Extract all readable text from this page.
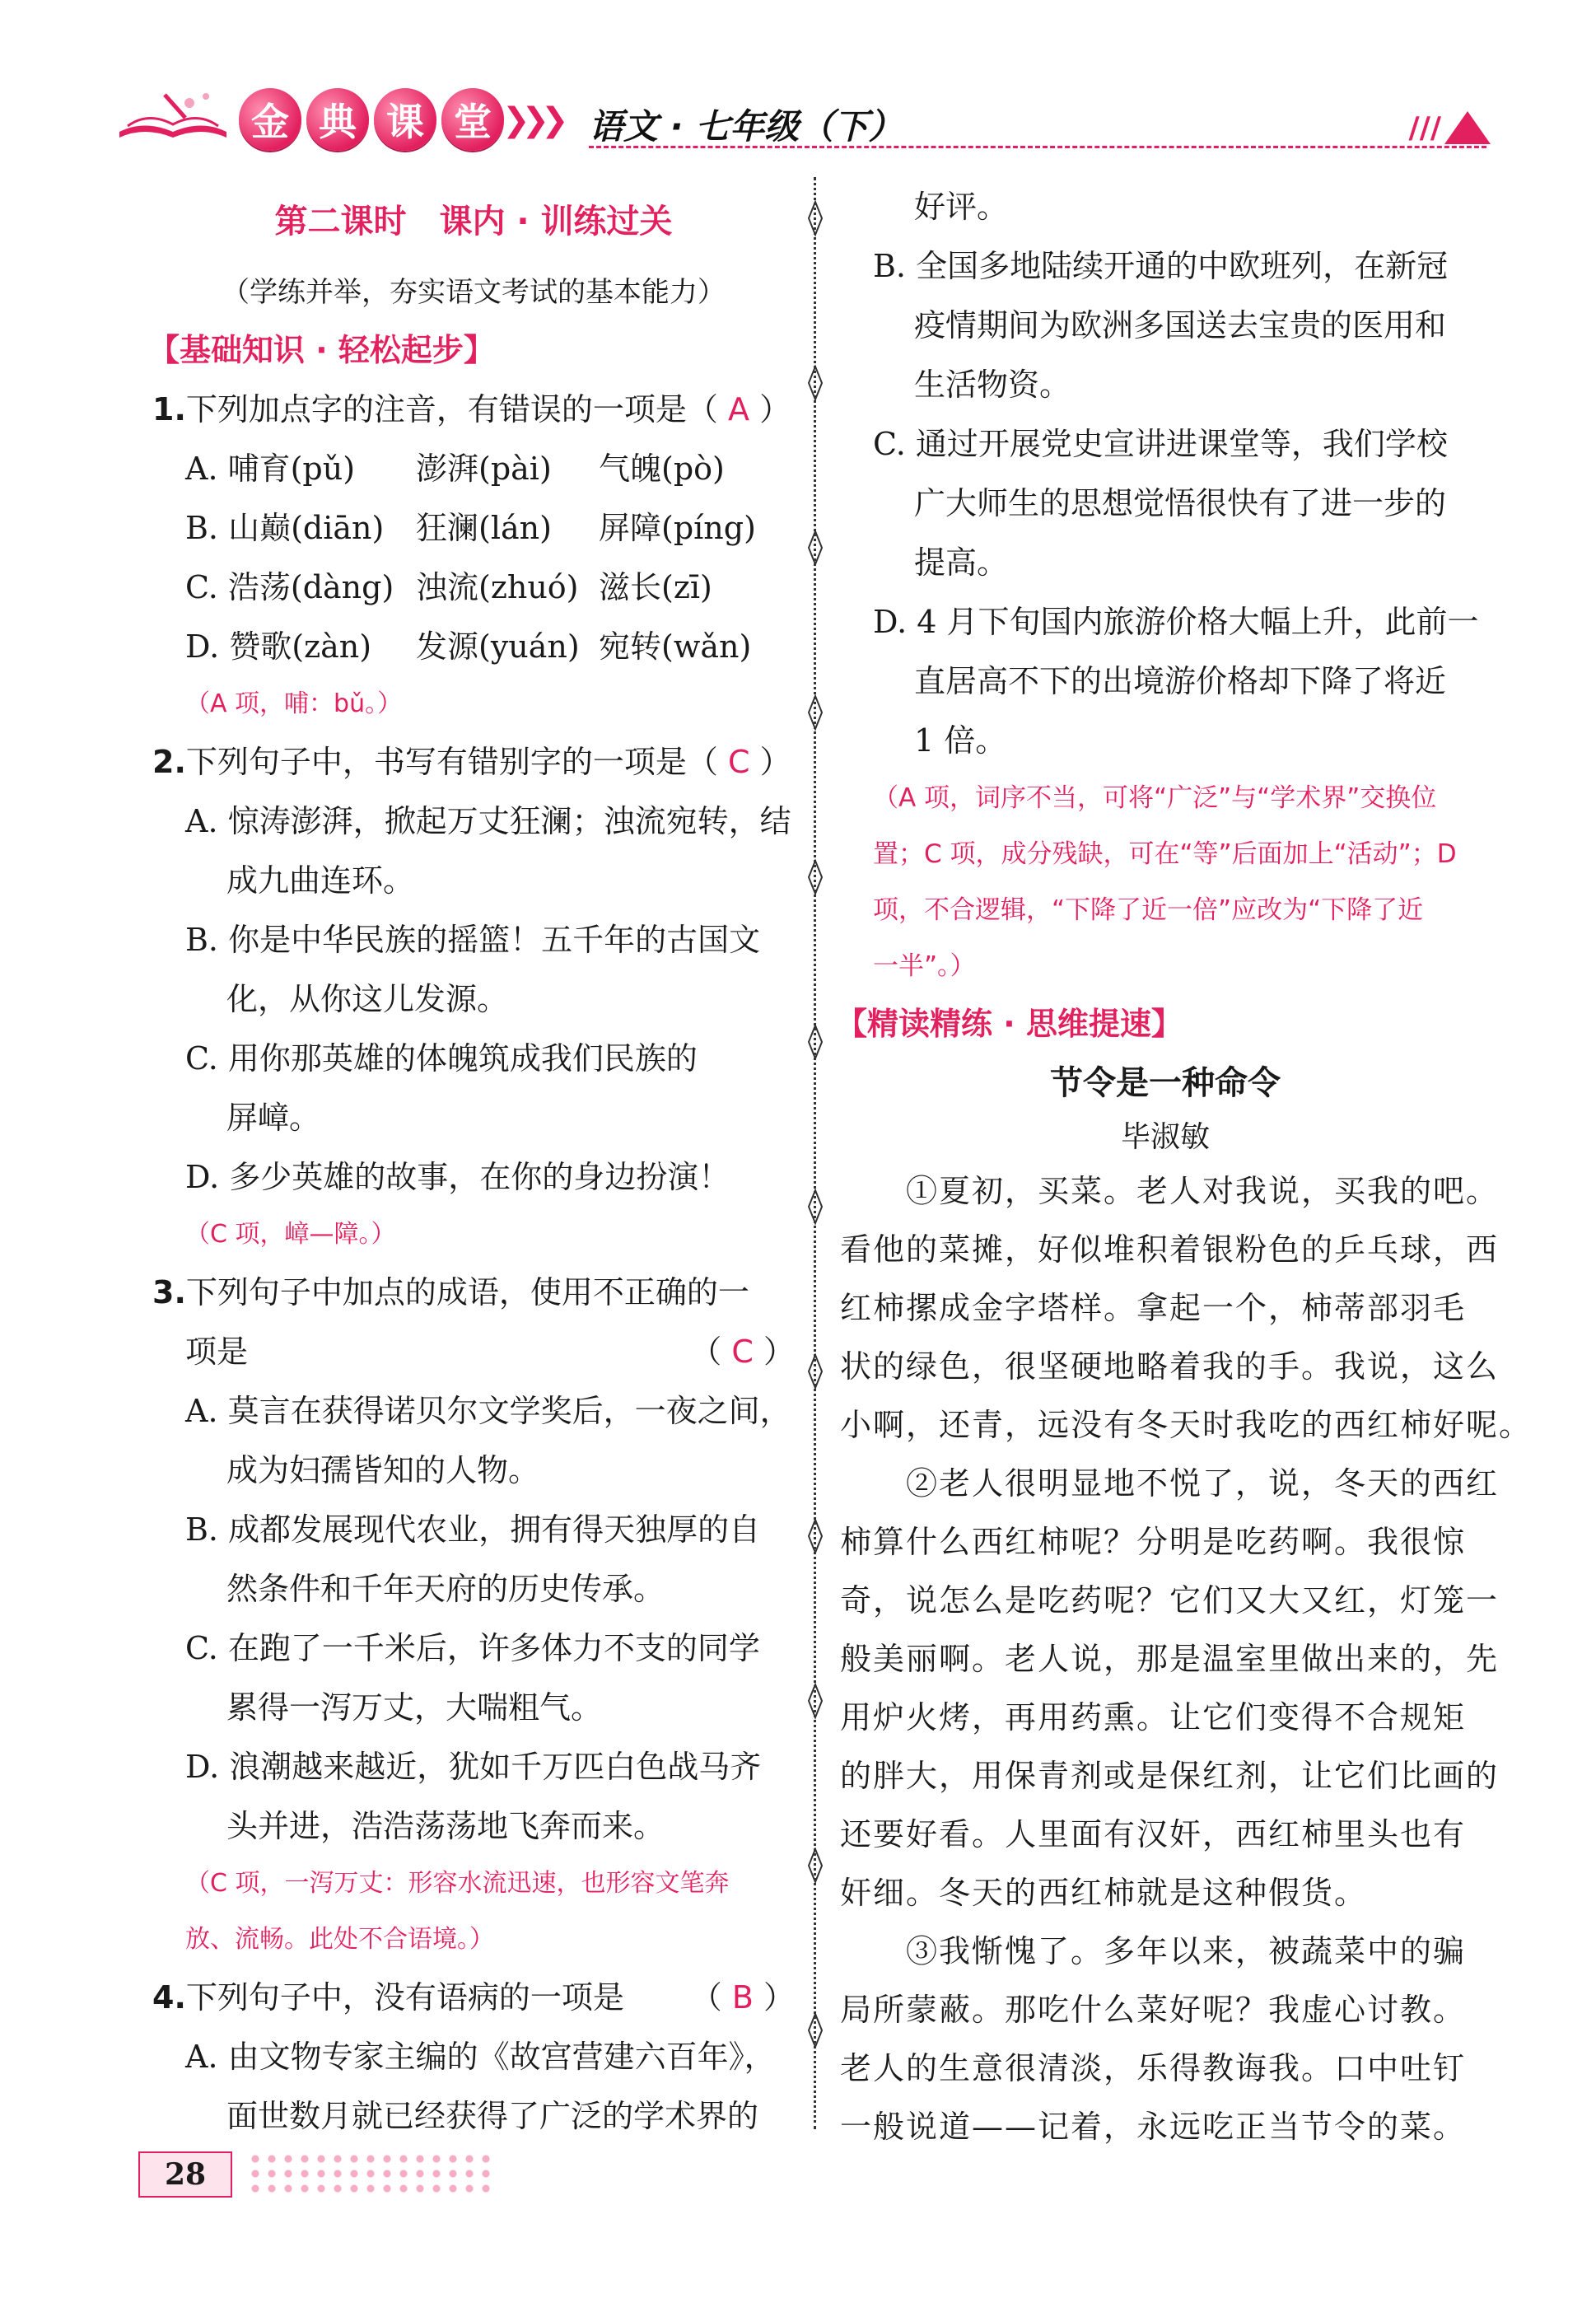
金 典 课 堂 ❯❯❯ 语文 · 七年级（下）	///
第二课时　课内 · 训练过关
（学练并举，夯实语文考试的基本能力）
【基础知识 · 轻松起步】
1.下列加点字的注音，有错误的一项是（ A ）
A. 哺育(pǔ)	澎湃(pài)	气魄(pò)
B. 山巅(diān)	狂澜(lán)	屏障(píng)
C. 浩荡(dàng) 浊流(zhuó) 滋长(zī)
D. 赞歌(zàn)	发源(yuán) 宛转(wǎn)
（A 项，哺：bǔ。）
2.下列句子中，书写有错别字的一项是（ C ）
A. 惊涛澎湃，掀起万丈狂澜；浊流宛转，结
成九曲连环。
B. 你是中华民族的摇篮！五千年的古国文
化，从你这儿发源。
C. 用你那英雄的体魄筑成我们民族的
屏嶂。
D. 多少英雄的故事，在你的身边扮演！
（C 项，嶂—障。）
3.下列句子中加点的成语，使用不正确的一
项是	（ C ）
A. 莫言在获得诺贝尔文学奖后，一夜之间，
成为妇孺皆知的人物。
B. 成都发展现代农业，拥有得天独厚的自
然条件和千年天府的历史传承。
C. 在跑了一千米后，许多体力不支的同学
累得一泻万丈，大喘粗气。
D. 浪潮越来越近，犹如千万匹白色战马齐
头并进，浩浩荡荡地飞奔而来。
（C 项，一泻万丈：形容水流迅速，也形容文笔奔
放、流畅。此处不合语境。）
4.下列句子中，没有语病的一项是 （ B ）
A. 由文物专家主编的《故宫营建六百年》，
面世数月就已经获得了广泛的学术界的
好评。
B. 全国多地陆续开通的中欧班列，在新冠
疫情期间为欧洲多国送去宝贵的医用和
生活物资。
C. 通过开展党史宣讲进课堂等，我们学校
广大师生的思想觉悟很快有了进一步的
提高。
D. 4 月下旬国内旅游价格大幅上升，此前一
直居高不下的出境游价格却下降了将近
1 倍。
（A 项，词序不当，可将“广泛”与“学术界”交换位
置；C 项，成分残缺，可在“等”后面加上“活动”；D
项，不合逻辑，“下降了近一倍”应改为“下降了近
一半”。）
【精读精练 · 思维提速】
节令是一种命令
毕淑敏
①夏初，买菜。老人对我说，买我的吧。
看他的菜摊，好似堆积着银粉色的乒乓球，西
红柿摞成金字塔样。拿起一个，柿蒂部羽毛
状的绿色，很坚硬地略着我的手。我说，这么
小啊，还青，远没有冬天时我吃的西红柿好呢。
②老人很明显地不悦了，说，冬天的西红
柿算什么西红柿呢？分明是吃药啊。我很惊
奇，说怎么是吃药呢？它们又大又红，灯笼一
般美丽啊。老人说，那是温室里做出来的，先
用炉火烤，再用药熏。让它们变得不合规矩
的胖大，用保青剂或是保红剂，让它们比画的
还要好看。人里面有汉奸，西红柿里头也有
奸细。冬天的西红柿就是这种假货。
③我惭愧了。多年以来，被蔬菜中的骗
局所蒙蔽。那吃什么菜好呢？我虚心讨教。
老人的生意很清淡，乐得教诲我。口中吐钉
一般说道——记着，永远吃正当节令的菜。
28
